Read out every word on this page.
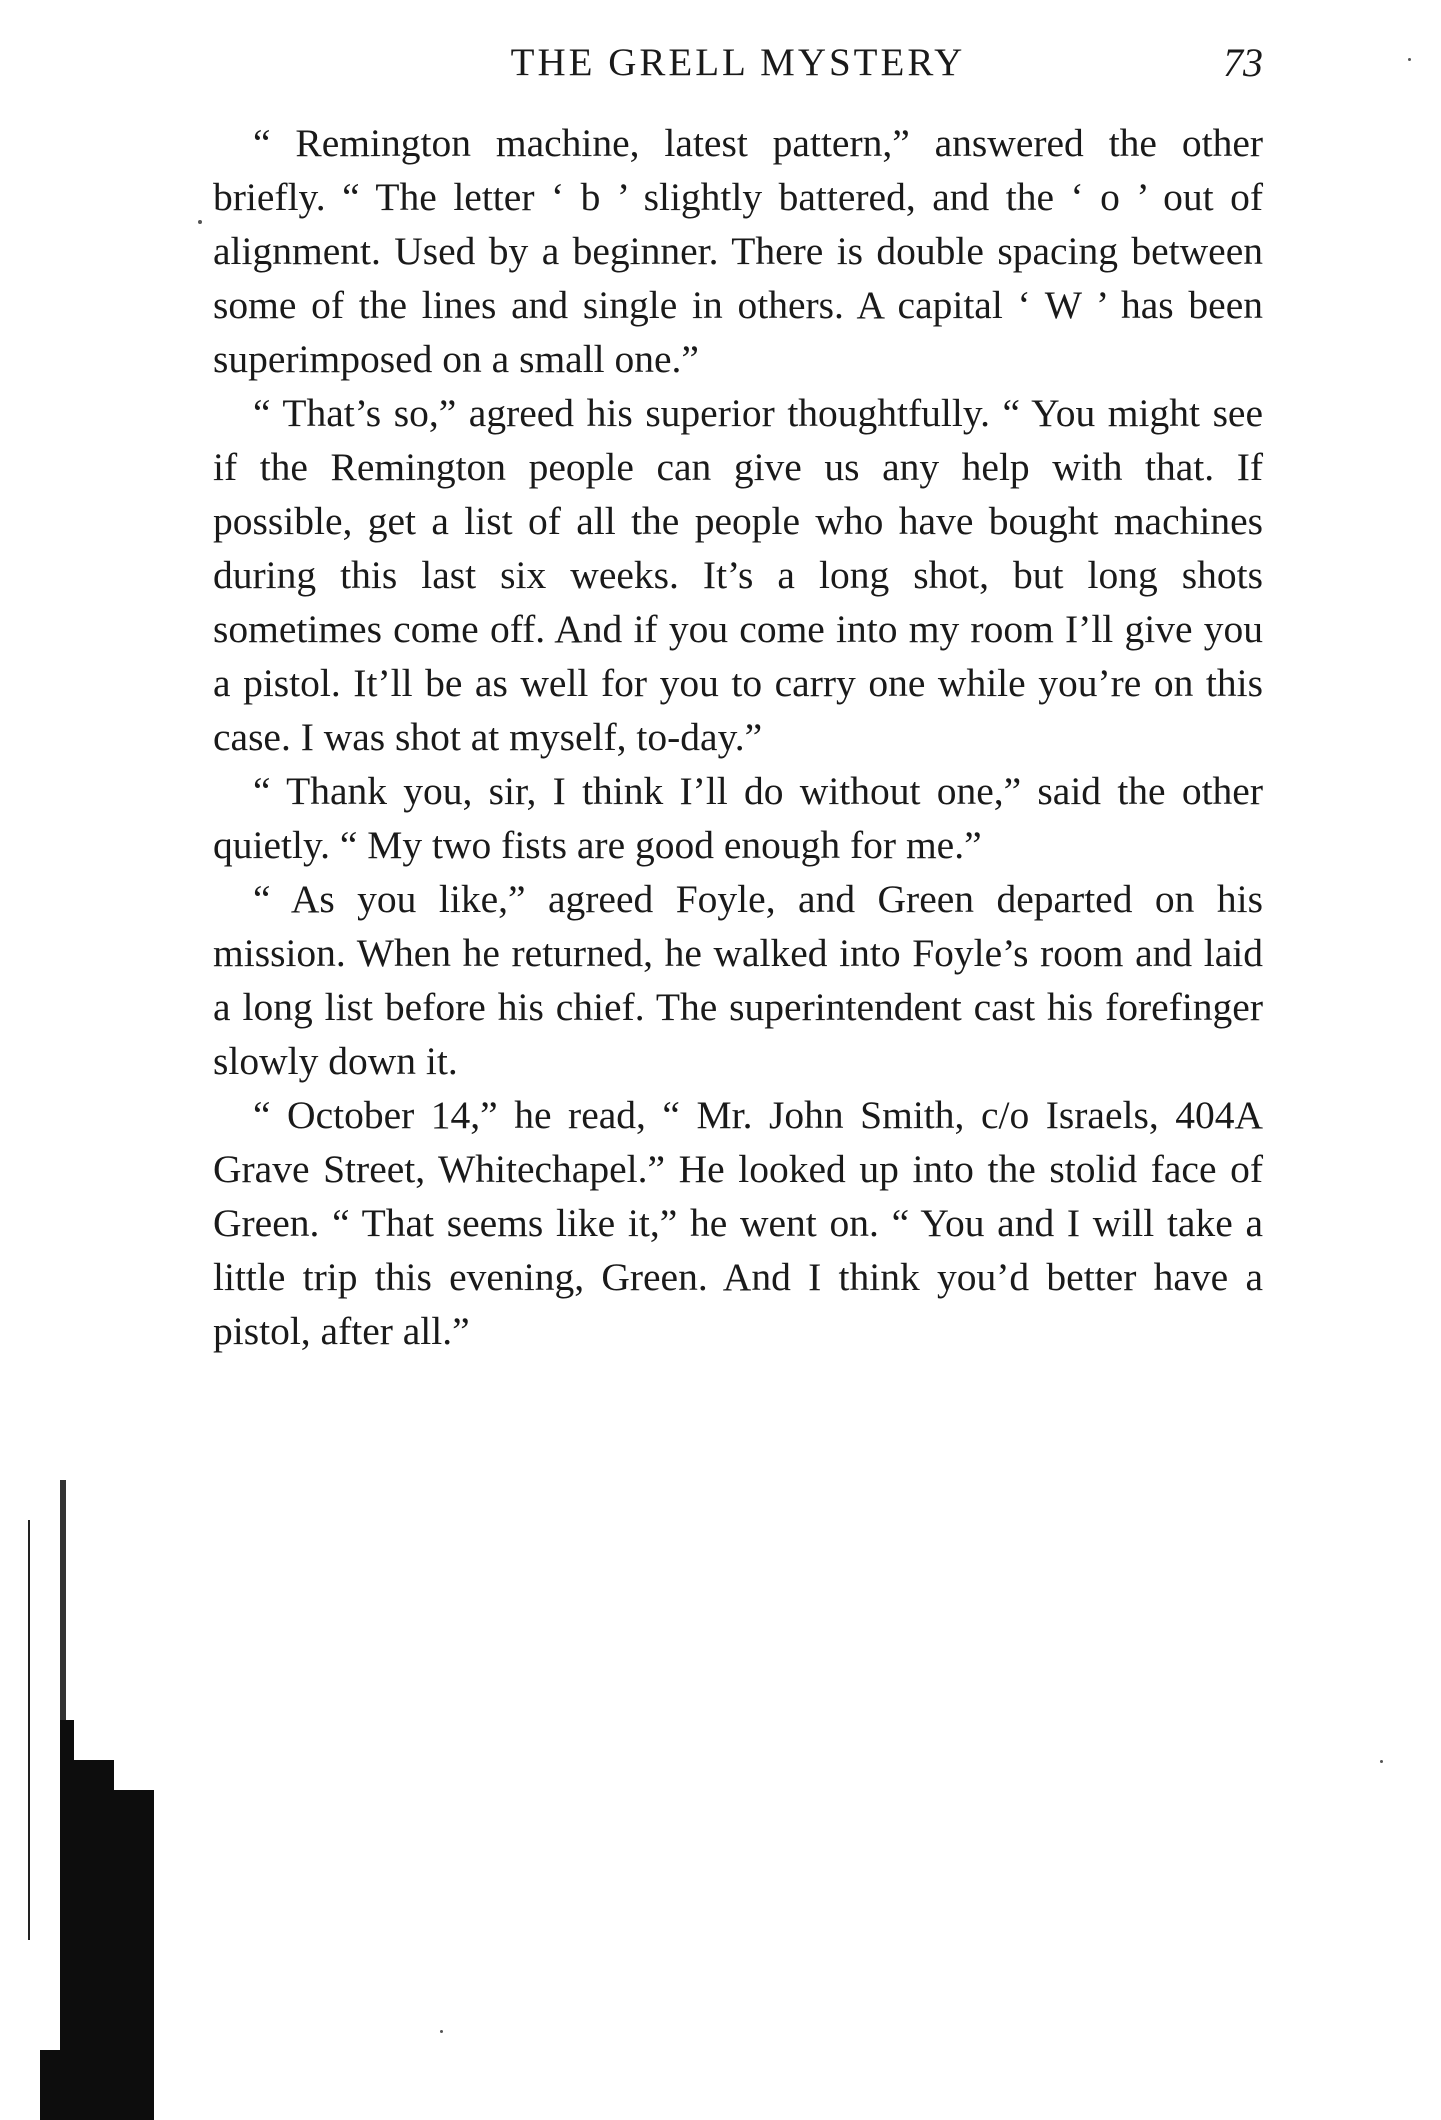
THE GRELL MYSTERY	73

“ Remington machine, latest pattern,” answered the other briefly. “ The letter ‘ b ’ slightly battered, and the ‘ o ’ out of alignment. Used by a beginner. There is double spacing between some of the lines and single in others. A capital ‘ W ’ has been superimposed on a small one.”

“ That’s so,” agreed his superior thoughtfully. “ You might see if the Remington people can give us any help with that. If possible, get a list of all the people who have bought machines during this last six weeks. It’s a long shot, but long shots sometimes come off. And if you come into my room I’ll give you a pistol. It’ll be as well for you to carry one while you’re on this case. I was shot at myself, to-day.”

“ Thank you, sir, I think I’ll do without one,” said the other quietly. “ My two fists are good enough for me.”

“ As you like,” agreed Foyle, and Green departed on his mission. When he returned, he walked into Foyle’s room and laid a long list before his chief. The superintendent cast his forefinger slowly down it.

“ October 14,” he read, “ Mr. John Smith, c/o Israels, 404A Grave Street, Whitechapel.” He looked up into the stolid face of Green. “ That seems like it,” he went on. “ You and I will take a little trip this evening, Green. And I think you’d better have a pistol, after all.”
